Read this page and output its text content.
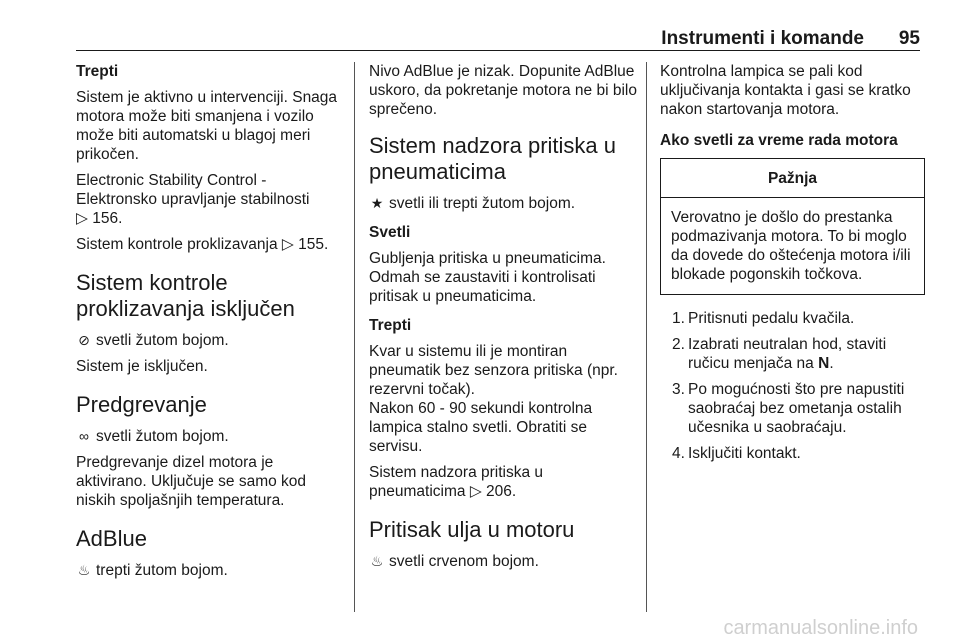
Instrumenti i komande 95
Trepti

Sistem je aktivno u intervenciji. Snaga motora može biti smanjena i vozilo može biti automatski u blagoj meri prikočen.

Electronic Stability Control - Elektronsko upravljanje stabilnosti
▷ 156.

Sistem kontrole proklizavanja ▷ 155.

Sistem kontrole proklizavanja isključen

⊘ svetli žutom bojom.

Sistem je isključen.

Predgrevanje

∞ svetli žutom bojom.

Predgrevanje dizel motora je aktivirano. Uključuje se samo kod niskih spoljašnjih temperatura.

AdBlue

♨ trepti žutom bojom.

Nivo AdBlue je nizak. Dopunite AdBlue uskoro, da pokretanje motora ne bi bilo sprečeno.

Sistem nadzora pritiska u pneumaticima

★ svetli ili trepti žutom bojom.

Svetli

Gubljenja pritiska u pneumaticima. Odmah se zaustaviti i kontrolisati pritisak u pneumaticima.

Trepti

Kvar u sistemu ili je montiran pneumatik bez senzora pritiska (npr. rezervni točak).

Nakon 60 - 90 sekundi kontrolna lampica stalno svetli. Obratiti se servisu.

Sistem nadzora pritiska u pneumaticima ▷ 206.

Pritisak ulja u motoru

♨ svetli crvenom bojom.

Kontrolna lampica se pali kod uključivanja kontakta i gasi se kratko nakon startovanja motora.

Ako svetli za vreme rada motora
Pažnja
Verovatno je došlo do prestanka podmazivanja motora. To bi moglo da dovede do oštećenja motora i/ili blokade pogonskih točkova.
1. Pritisnuti pedalu kvačila.
2. Izabrati neutralan hod, staviti ručicu menjača na N.
3. Po mogućnosti što pre napustiti saobraćaj bez ometanja ostalih učesnika u saobraćaju.
4. Isključiti kontakt.
carmanualsonline.info
